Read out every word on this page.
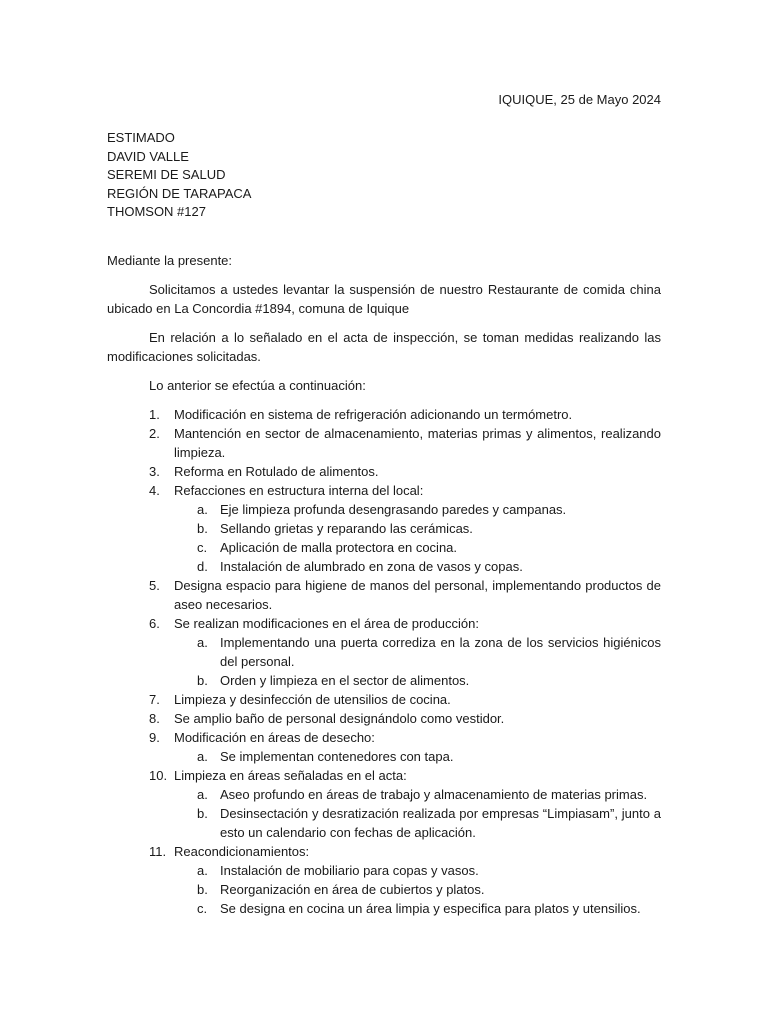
IQUIQUE, 25 de Mayo 2024
ESTIMADO
DAVID VALLE
SEREMI DE SALUD
REGIÓN DE TARAPACA
THOMSON #127
Mediante la presente:

Solicitamos a ustedes levantar la suspensión de nuestro Restaurante de comida china ubicado en La Concordia #1894, comuna de Iquique

En relación a lo señalado en el acta de inspección, se toman medidas realizando las modificaciones solicitadas.

Lo anterior se efectúa a continuación:

1. Modificación en sistema de refrigeración adicionando un termómetro.
2. Mantención en sector de almacenamiento, materias primas y alimentos, realizando limpieza.
3. Reforma en Rotulado de alimentos.
4. Refacciones en estructura interna del local:
a. Eje limpieza profunda desengrasando paredes y campanas.
b. Sellando grietas y reparando las cerámicas.
c. Aplicación de malla protectora en cocina.
d. Instalación de alumbrado en zona de vasos y copas.
5. Designa espacio para higiene de manos del personal, implementando productos de aseo necesarios.
6. Se realizan modificaciones en el área de producción:
a. Implementando una puerta corrediza en la zona de los servicios higiénicos del personal.
b. Orden y limpieza en el sector de alimentos.
7. Limpieza y desinfección de utensilios de cocina.
8. Se amplio baño de personal designándolo como vestidor.
9. Modificación en áreas de desecho:
a. Se implementan contenedores con tapa.
10. Limpieza en áreas señaladas en el acta:
a. Aseo profundo en áreas de trabajo y almacenamiento de materias primas.
b. Desinsectación y desratización realizada por empresas “Limpiasam”, junto a esto un calendario con fechas de aplicación.
11. Reacondicionamientos:
a. Instalación de mobiliario para copas y vasos.
b. Reorganización en área de cubiertos y platos.
c. Se designa en cocina un área limpia y especifica para platos y utensilios.
